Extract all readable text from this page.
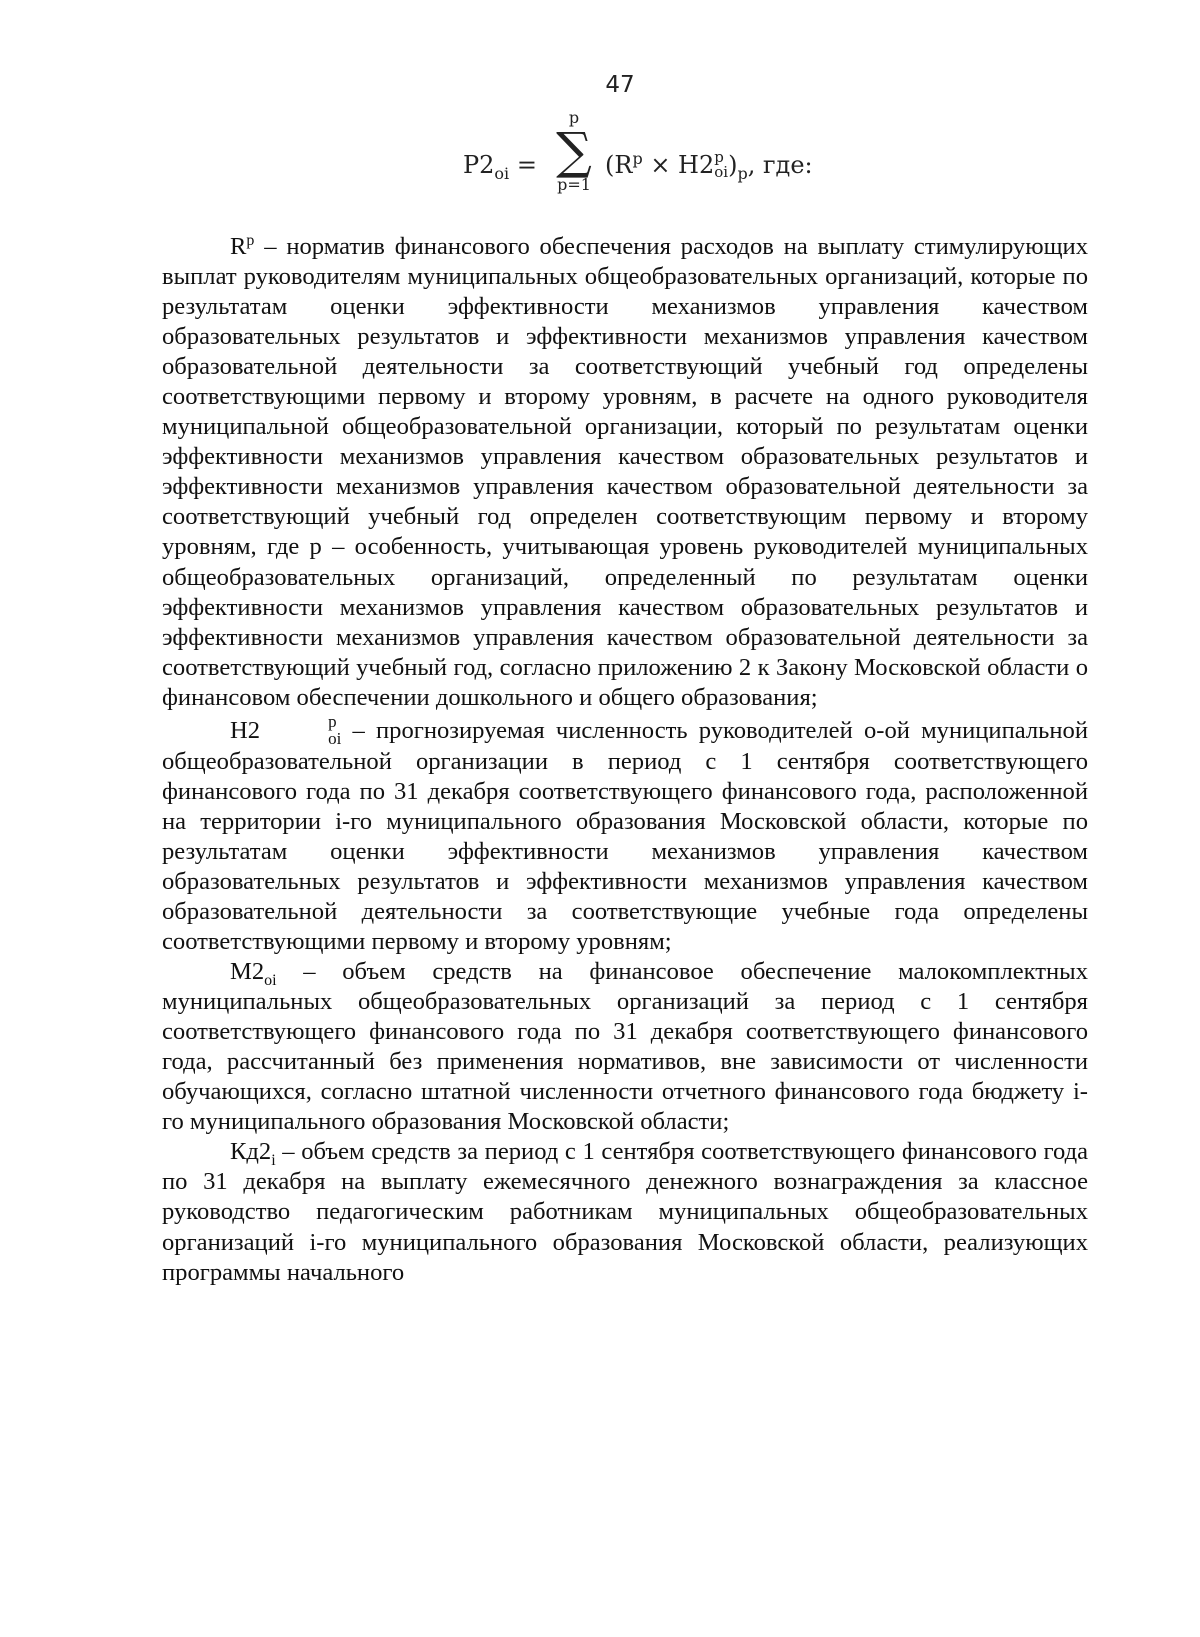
47
$P2_{oi}$ =
p
∑
p=1
($R^p \times H2$ p
oi )$_p$, где:

$R^p$ – норматив финансового обеспечения расходов на выплату стимулирующих выплат руководителям муниципальных общеобразовательных организаций, которые по результатам оценки эффективности механизмов управления качеством образовательных результатов и эффективности механизмов управления качеством образовательной деятельности за соответствующий учебный год определены соответствующими первому и второму уровням, в расчете на одного руководителя муниципальной общеобразовательной организации, который по результатам оценки эффективности механизмов управления качеством образовательных результатов и эффективности механизмов управления качеством образовательной деятельности за соответствующий учебный год определен соответствующим первому и второму уровням, где p – особенность, учитывающая уровень руководителей муниципальных общеобразовательных организаций, определенный по результатам оценки эффективности механизмов управления качеством образовательных результатов и эффективности механизмов управления качеством образовательной деятельности за соответствующий учебный год, согласно приложению 2 к Закону Московской области о финансовом обеспечении дошкольного и общего образования;

H2	p
oi – прогнозируемая численность руководителей o-ой муниципальной общеобразовательной организации в период с 1 сентября соответствующего финансового года по 31 декабря соответствующего финансового года, расположенной на территории i-го муниципального образования Московской области, которые по результатам оценки эффективности механизмов управления качеством образовательных результатов и эффективности механизмов управления качеством образовательной деятельности за соответствующие учебные года определены соответствующими первому и второму уровням;

$M2_{oi}$ – объем средств на финансовое обеспечение малокомплектных муниципальных общеобразовательных организаций за период с 1 сентября соответствующего финансового года по 31 декабря соответствующего финансового года, рассчитанный без применения нормативов, вне зависимости от численности обучающихся, согласно штатной численности отчетного финансового года бюджету i-го муниципального образования Московской области;

$Кд2_i$ – объем средств за период с 1 сентября соответствующего финансового года по 31 декабря на выплату ежемесячного денежного вознаграждения за классное руководство педагогическим работникам муниципальных общеобразовательных организаций i-го муниципального образования Московской области, реализующих программы начального
